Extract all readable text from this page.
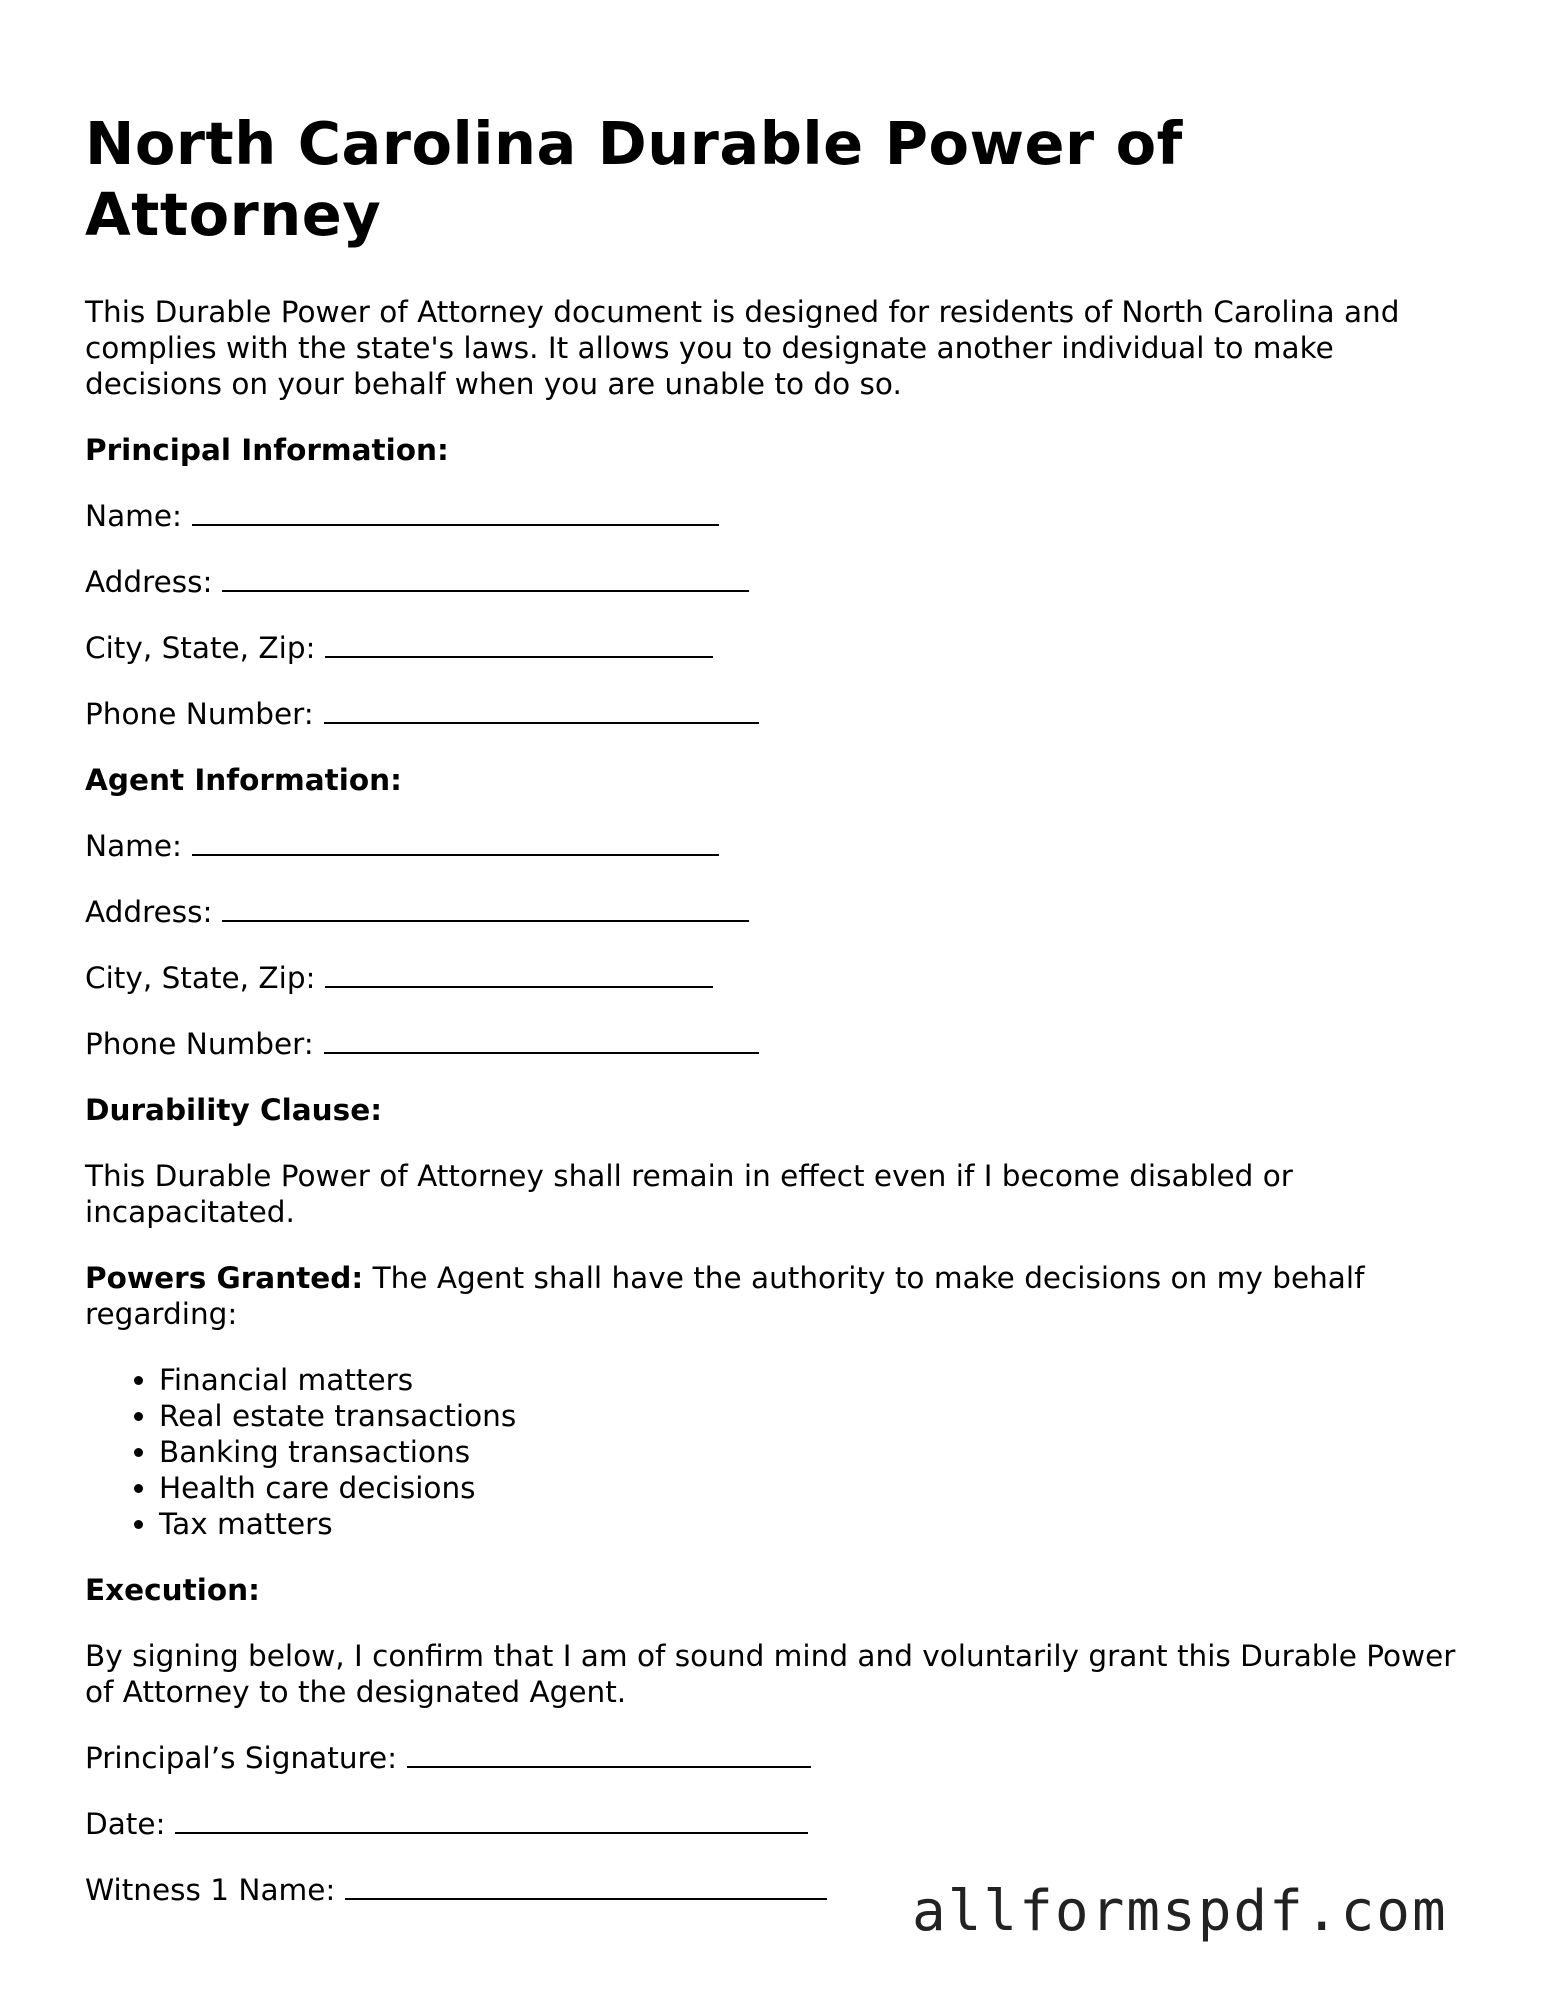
North Carolina Durable Power of Attorney

This Durable Power of Attorney document is designed for residents of North Carolina and complies with the state's laws. It allows you to designate another individual to make decisions on your behalf when you are unable to do so.

Principal Information:
Name:
Address:
City, State, Zip:
Phone Number:
Agent Information:
Name:
Address:
City, State, Zip:
Phone Number:
Durability Clause:

This Durable Power of Attorney shall remain in effect even if I become disabled or incapacitated.

Powers Granted: The Agent shall have the authority to make decisions on my behalf regarding:

• Financial matters
• Real estate transactions
• Banking transactions
• Health care decisions
• Tax matters
Execution:

By signing below, I confirm that I am of sound mind and voluntarily grant this Durable Power of Attorney to the designated Agent.

Principal’s Signature:
Date:
Witness 1 Name:	allformspdf.com
